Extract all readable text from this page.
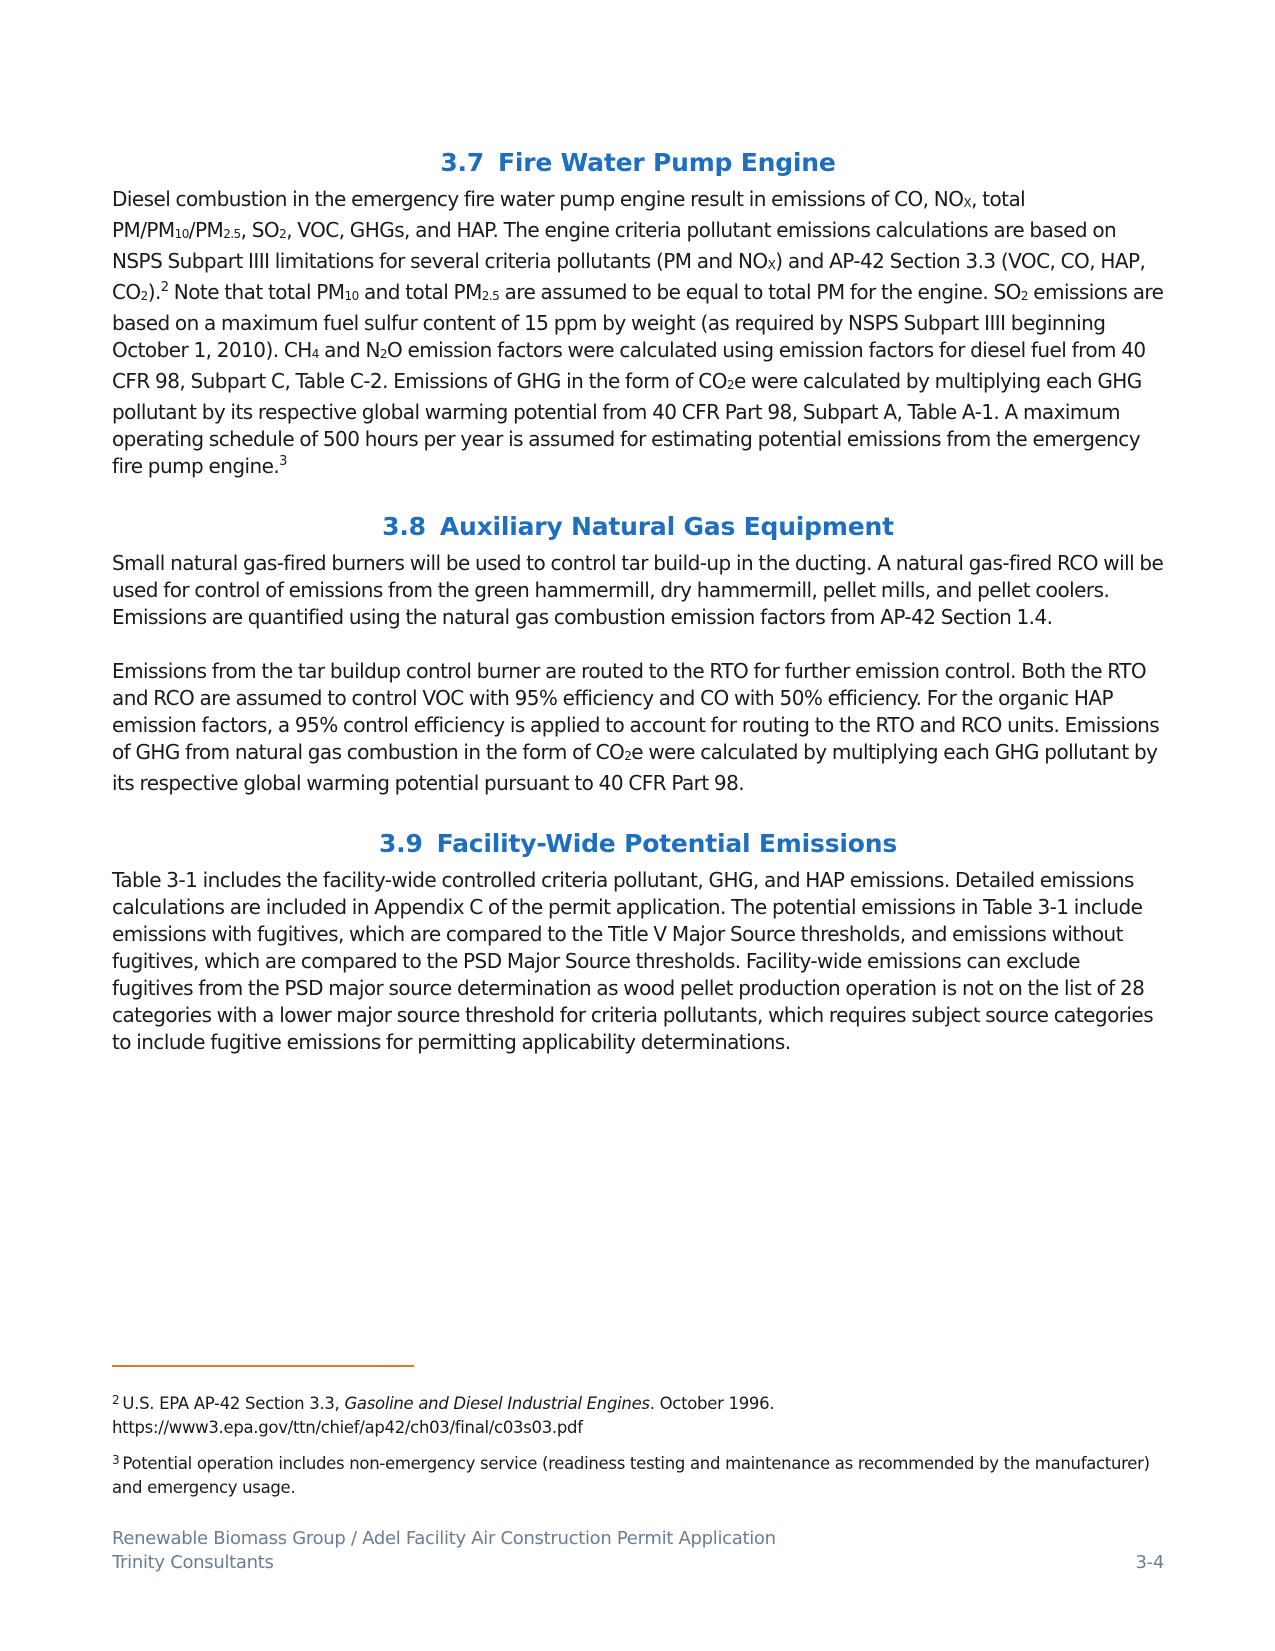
3.7 Fire Water Pump Engine

Diesel combustion in the emergency fire water pump engine result in emissions of CO, NOX, total PM/PM10/PM2.5, SO2, VOC, GHGs, and HAP. The engine criteria pollutant emissions calculations are based on NSPS Subpart IIII limitations for several criteria pollutants (PM and NOX) and AP-42 Section 3.3 (VOC, CO, HAP, CO2).$^2$ Note that total PM10 and total PM2.5 are assumed to be equal to total PM for the engine. SO2 emissions are based on a maximum fuel sulfur content of 15 ppm by weight (as required by NSPS Subpart IIII beginning October 1, 2010). CH4 and N2O emission factors were calculated using emission factors for diesel fuel from 40 CFR 98, Subpart C, Table C-2. Emissions of GHG in the form of CO2e were calculated by multiplying each GHG pollutant by its respective global warming potential from 40 CFR Part 98, Subpart A, Table A-1. A maximum operating schedule of 500 hours per year is assumed for estimating potential emissions from the emergency fire pump engine.$^3$

3.8 Auxiliary Natural Gas Equipment

Small natural gas-fired burners will be used to control tar build-up in the ducting. A natural gas-fired RCO will be used for control of emissions from the green hammermill, dry hammermill, pellet mills, and pellet coolers. Emissions are quantified using the natural gas combustion emission factors from AP-42 Section 1.4.

Emissions from the tar buildup control burner are routed to the RTO for further emission control. Both the RTO and RCO are assumed to control VOC with 95% efficiency and CO with 50% efficiency. For the organic HAP emission factors, a 95% control efficiency is applied to account for routing to the RTO and RCO units. Emissions of GHG from natural gas combustion in the form of CO2e were calculated by multiplying each GHG pollutant by its respective global warming potential pursuant to 40 CFR Part 98.

3.9 Facility-Wide Potential Emissions

Table 3-1 includes the facility-wide controlled criteria pollutant, GHG, and HAP emissions. Detailed emissions calculations are included in Appendix C of the permit application. The potential emissions in Table 3-1 include emissions with fugitives, which are compared to the Title V Major Source thresholds, and emissions without fugitives, which are compared to the PSD Major Source thresholds. Facility-wide emissions can exclude fugitives from the PSD major source determination as wood pellet production operation is not on the list of 28 categories with a lower major source threshold for criteria pollutants, which requires subject source categories to include fugitive emissions for permitting applicability determinations.

$^2$ U.S. EPA AP-42 Section 3.3, Gasoline and Diesel Industrial Engines. October 1996.
https://www3.epa.gov/ttn/chief/ap42/ch03/final/c03s03.pdf

$^3$ Potential operation includes non-emergency service (readiness testing and maintenance as recommended by the manufacturer) and emergency usage.

Renewable Biomass Group / Adel Facility Air Construction Permit Application
Trinity Consultants	3-4
